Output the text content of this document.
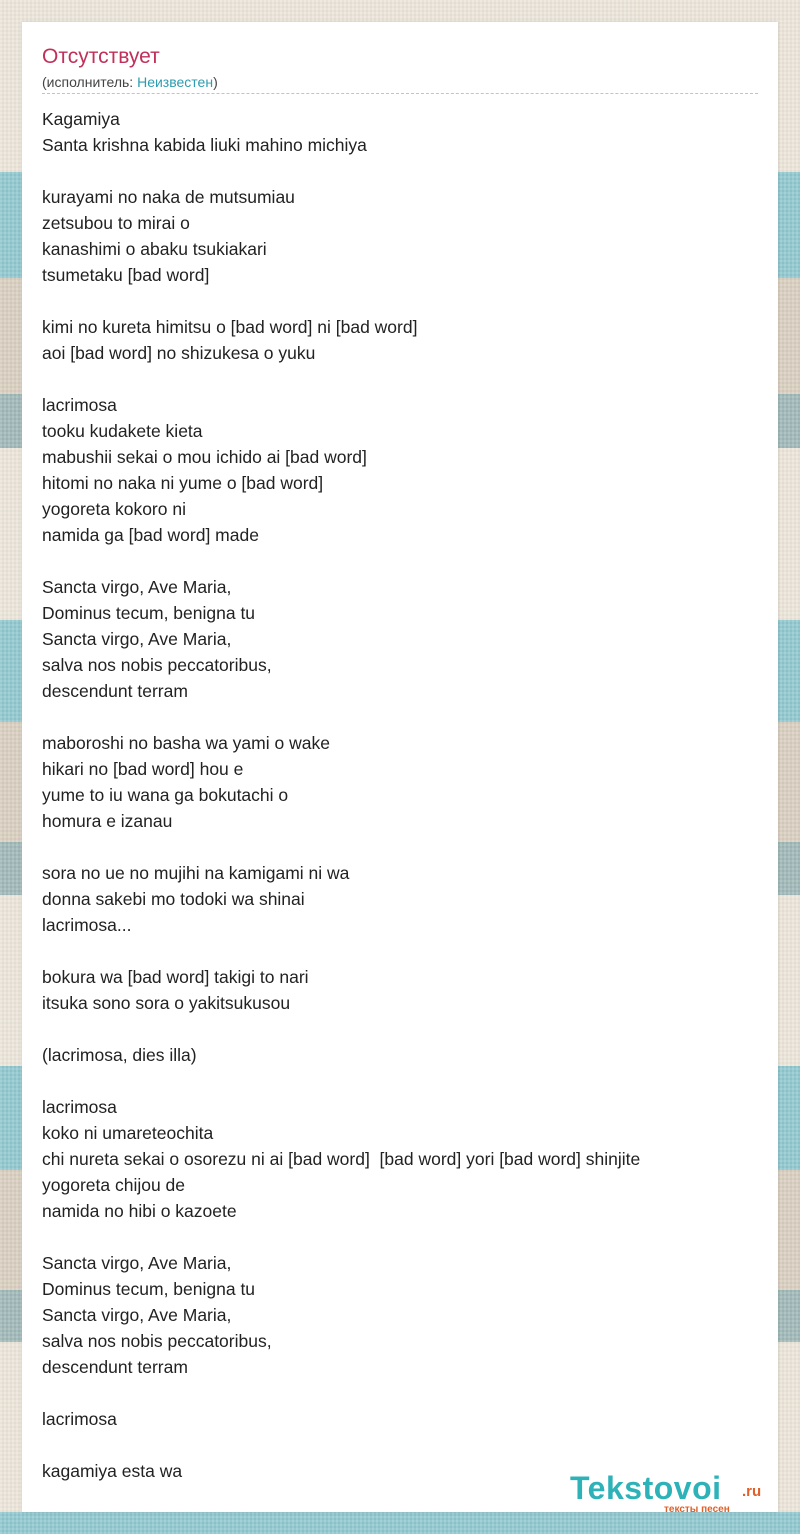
Отсутствует
(исполнитель: Неизвестен)
Kagamiya
Santa krishna kabida liuki mahino michiya
kurayami no naka de mutsumiau
zetsubou to mirai o
kanashimi o abaku tsukiakari
tsumetaku [bad word]
kimi no kureta himitsu o [bad word] ni [bad word]
aoi [bad word] no shizukesa o yuku
lacrimosa
tooku kudakete kieta
mabushii sekai o mou ichido ai [bad word]
hitomi no naka ni yume o [bad word]
yogoreta kokoro ni
namida ga [bad word] made
Sancta virgo, Ave Maria,
Dominus tecum, benigna tu
Sancta virgo, Ave Maria,
salva nos nobis peccatoribus,
descendunt terram
maboroshi no basha wa yami o wake
hikari no [bad word] hou e
yume to iu wana ga bokutachi o
homura e izanau
sora no ue no mujihi na kamigami ni wa
donna sakebi mo todoki wa shinai
lacrimosa...
bokura wa [bad word] takigi to nari
itsuka sono sora o yakitsukusou
(lacrimosa, dies illa)
lacrimosa
koko ni umareteochita
chi nureta sekai o osorezu ni ai [bad word]  [bad word] yori [bad word] shinjite
yogoreta chijou de
namida no hibi o kazoete
Sancta virgo, Ave Maria,
Dominus tecum, benigna tu
Sancta virgo, Ave Maria,
salva nos nobis peccatoribus,
descendunt terram
lacrimosa
kagamiya esta wa	Tekstovoi .ru
тексты песен
